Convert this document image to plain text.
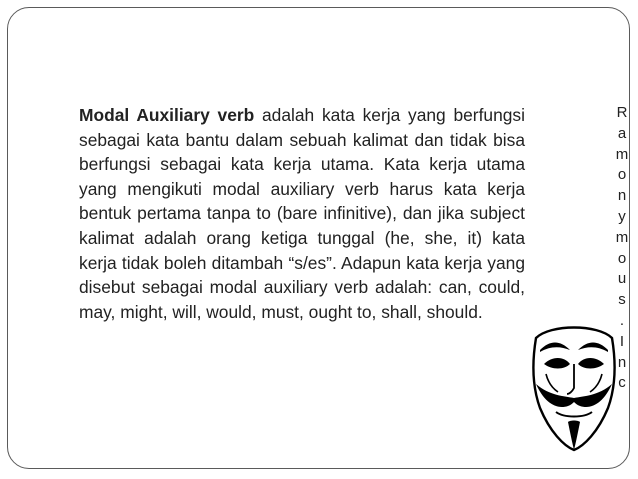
Modal Auxiliary verb adalah kata kerja yang berfungsi sebagai kata bantu dalam sebuah kalimat dan tidak bisa berfungsi sebagai kata kerja utama. Kata kerja utama yang mengikuti modal auxiliary verb harus kata kerja bentuk pertama tanpa to (bare infinitive), dan jika subject kalimat adalah orang ketiga tunggal (he, she, it) kata kerja tidak boleh ditambah “s/es”. Adapun kata kerja yang disebut sebagai modal auxiliary verb adalah: can, could, may, might, will, would, must, ought to, shall, should.

R
a
m
o
n
y
m
o
u
s
.
I
n
c
